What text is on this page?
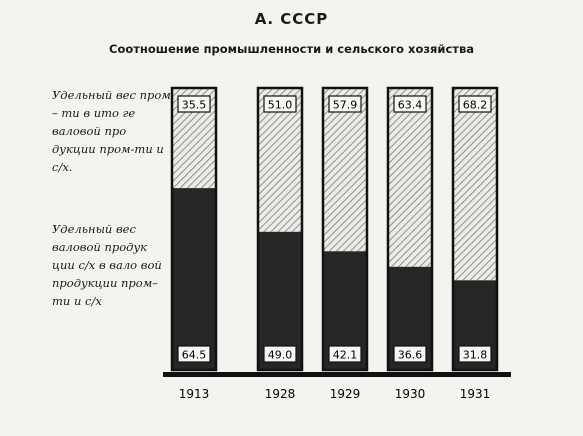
А. СССР
Соотношение промышленности и сельского хозяйства
Удельный вес пром – ти в ито ге валовой про дукции пром-ти и с/х.
Удельный вес валовой продук ции с/х в вало вой продукции пром–ти и с/х
35.5
64.5
1913
51.0
49.0
1928
57.9
42.1
1929
63.4
36.6
1930
68.2
31.8
1931
